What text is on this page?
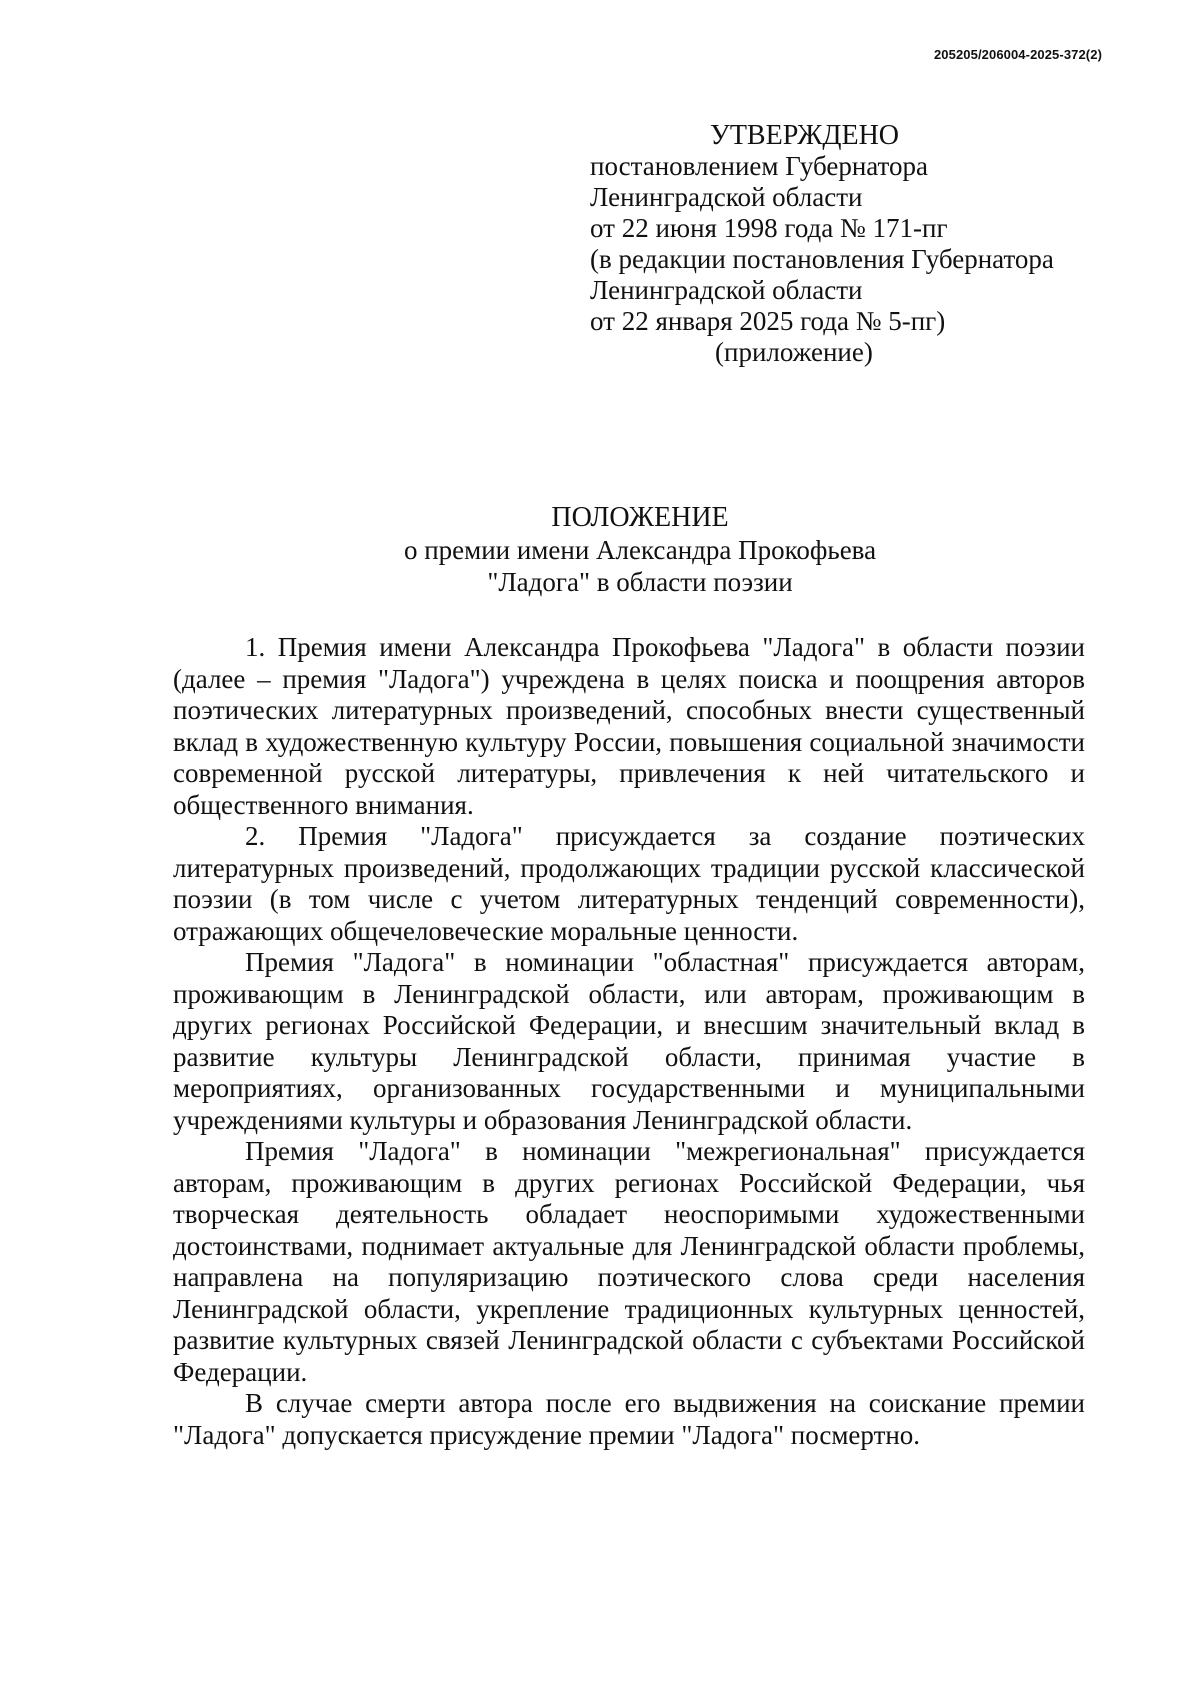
205205/206004-2025-372(2)
УТВЕРЖДЕНО
постановлением Губернатора
Ленинградской области
от 22 июня 1998 года № 171-пг
(в редакции постановления Губернатора
Ленинградской области
от 22 января 2025 года № 5-пг)
(приложение)
ПОЛОЖЕНИЕ
о премии имени Александра Прокофьева
"Ладога" в области поэзии

1. Премия имени Александра Прокофьева "Ладога" в области поэзии (далее – премия "Ладога") учреждена в целях поиска и поощрения авторов поэтических литературных произведений, способных внести существенный вклад в художественную культуру России, повышения социальной значимости современной русской литературы, привлечения к ней читательского и общественного внимания.

2. Премия "Ладога" присуждается за создание поэтических литературных произведений, продолжающих традиции русской классической поэзии (в том числе с учетом литературных тенденций современности), отражающих общечеловеческие моральные ценности.

Премия "Ладога" в номинации "областная" присуждается авторам, проживающим в Ленинградской области, или авторам, проживающим в других регионах Российской Федерации, и внесшим значительный вклад в развитие культуры Ленинградской области, принимая участие в мероприятиях, организованных государственными и муниципальными учреждениями культуры и образования Ленинградской области.

Премия "Ладога" в номинации "межрегиональная" присуждается авторам, проживающим в других регионах Российской Федерации, чья творческая деятельность обладает неоспоримыми художественными достоинствами, поднимает актуальные для Ленинградской области проблемы, направлена на популяризацию поэтического слова среди населения Ленинградской области, укрепление традиционных культурных ценностей, развитие культурных связей Ленинградской области с субъектами Российской Федерации.

В случае смерти автора после его выдвижения на соискание премии "Ладога" допускается присуждение премии "Ладога" посмертно.
